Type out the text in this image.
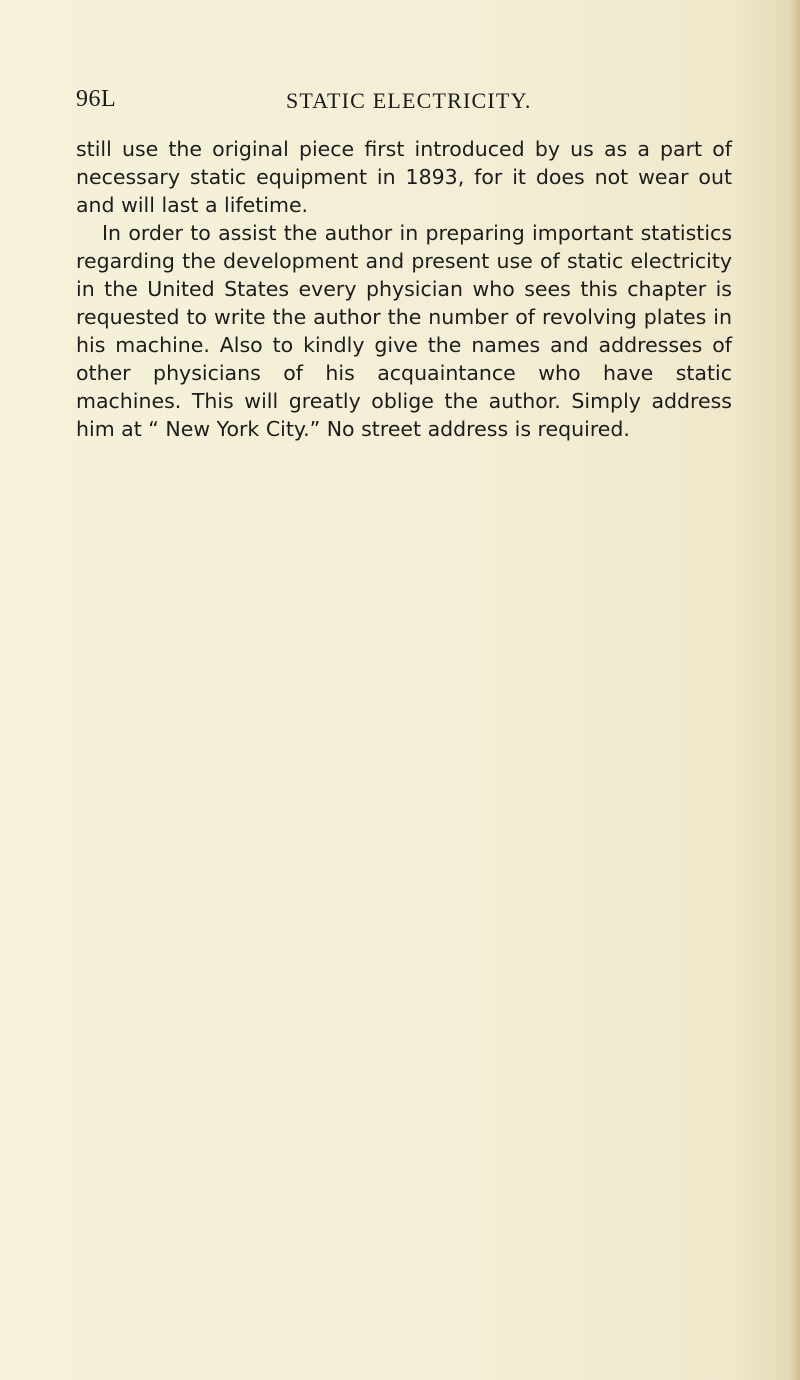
96L	STATIC ELECTRICITY.

still use the original piece first introduced by us as a part of necessary static equipment in 1893, for it does not wear out and will last a lifetime.

In order to assist the author in preparing important statistics regarding the development and present use of static electricity in the United States every physician who sees this chapter is requested to write the author the number of revolving plates in his machine. Also to kindly give the names and addresses of other physicians of his acquaintance who have static machines. This will greatly oblige the author. Simply address him at “ New York City.” No street address is required.
